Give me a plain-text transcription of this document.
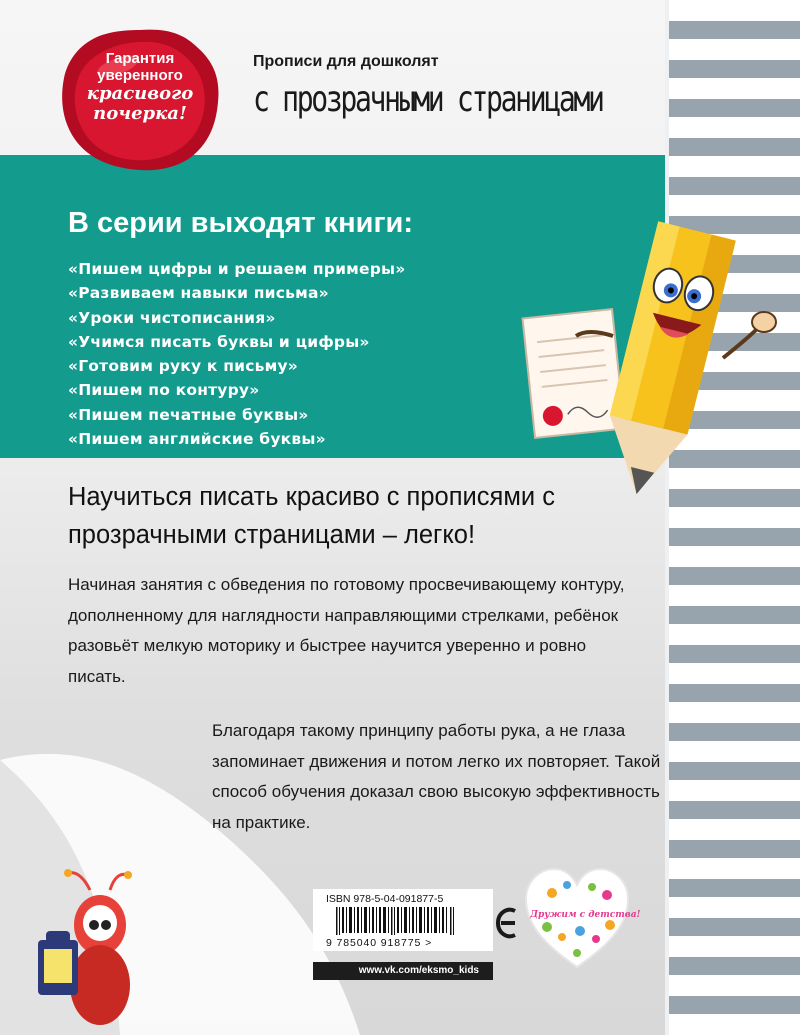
Гарантия
уверенного
красивого
почерка!
Прописи для дошколят
с прозрачными страницами
В серии выходят книги:
«Пишем цифры и решаем примеры»
«Развиваем навыки письма»
«Уроки чистописания»
«Учимся писать буквы и цифры»
«Готовим руку к письму»
«Пишем по контуру»
«Пишем печатные буквы»
«Пишем английские буквы»
Научиться писать красиво с прописями с прозрачными страницами – легко!
Начиная занятия с обведения по готовому просвечивающему контуру, дополненному для наглядности направляющими стрелками, ребёнок разовьёт мелкую моторику и быстрее научится уверенно и ровно писать.
Благодаря такому принципу работы рука, а не глаза запоминает движения и потом легко их повторяет. Такой способ обучения доказал свою высокую эффективность на практике.
ISBN 978-5-04-091877-5
9 785040 918775 >
www.vk.com/eksmo_kids
Дружим с детства!
